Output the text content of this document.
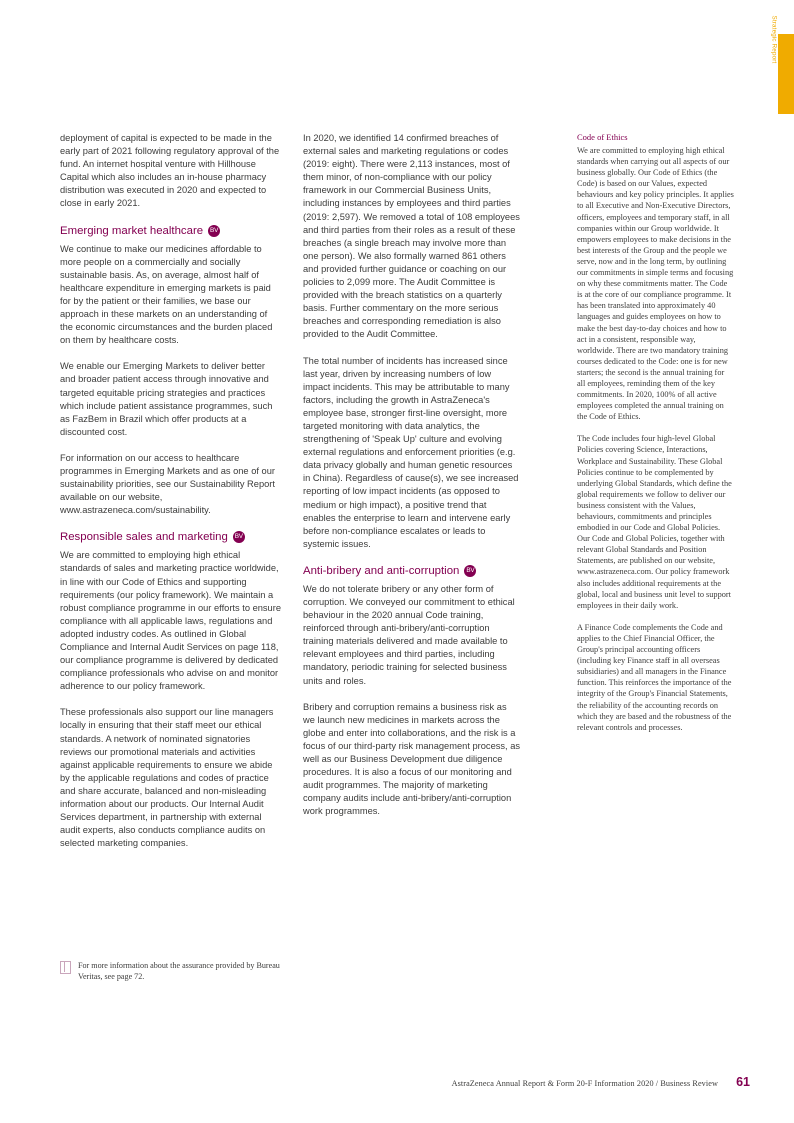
Strategic Report

deployment of capital is expected to be made in the early part of 2021 following regulatory approval of the fund. An internet hospital venture with Hillhouse Capital which also includes an in-house pharmacy distribution was executed in 2020 and expected to close in early 2021.

Emerging market healthcare	BV

We continue to make our medicines affordable to more people on a commercially and socially sustainable basis. As, on average, almost half of healthcare expenditure in emerging markets is paid for by the patient or their families, we base our approach in these markets on an understanding of the economic circumstances and the burden placed on them by healthcare costs.

We enable our Emerging Markets to deliver better and broader patient access through innovative and targeted equitable pricing strategies and practices which include patient assistance programmes, such as FazBem in Brazil which offer products at a discounted cost.

For information on our access to healthcare programmes in Emerging Markets and as one of our sustainability priorities, see our Sustainability Report available on our website, www.astrazeneca.com/sustainability.

Responsible sales and marketing	BV

We are committed to employing high ethical standards of sales and marketing practice worldwide, in line with our Code of Ethics and supporting requirements (our policy framework). We maintain a robust compliance programme in our efforts to ensure compliance with all applicable laws, regulations and adopted industry codes. As outlined in Global Compliance and Internal Audit Services on page 118, our compliance programme is delivered by dedicated compliance professionals who advise on and monitor adherence to our policy framework.

These professionals also support our line managers locally in ensuring that their staff meet our ethical standards. A network of nominated signatories reviews our promotional materials and activities against applicable requirements to ensure we abide by the applicable regulations and codes of practice and share accurate, balanced and non-misleading information about our products. Our Internal Audit Services department, in partnership with external audit experts, also conducts compliance audits on selected marketing companies.

In 2020, we identified 14 confirmed breaches of external sales and marketing regulations or codes (2019: eight). There were 2,113 instances, most of them minor, of non-compliance with our policy framework in our Commercial Business Units, including instances by employees and third parties (2019: 2,597). We removed a total of 108 employees and third parties from their roles as a result of these breaches (a single breach may involve more than one person). We also formally warned 861 others and provided further guidance or coaching on our policies to 2,099 more. The Audit Committee is provided with the breach statistics on a quarterly basis. Further commentary on the more serious breaches and corresponding remediation is also provided to the Audit Committee.

The total number of incidents has increased since last year, driven by increasing numbers of low impact incidents. This may be attributable to many factors, including the growth in AstraZeneca's employee base, stronger first-line oversight, more targeted monitoring with data analytics, the strengthening of 'Speak Up' culture and evolving external regulations and enforcement priorities (e.g. data privacy globally and human genetic resources in China). Regardless of cause(s), we see increased reporting of low impact incidents (as opposed to medium or high impact), a positive trend that enables the enterprise to learn and intervene early before non-compliance escalates or leads to systemic issues.

Anti-bribery and anti-corruption	BV

We do not tolerate bribery or any other form of corruption. We conveyed our commitment to ethical behaviour in the 2020 annual Code training, reinforced through anti-bribery/anti-corruption training materials delivered and made available to relevant employees and third parties, including mandatory, periodic training for selected business units and roles.

Bribery and corruption remains a business risk as we launch new medicines in markets across the globe and enter into collaborations, and the risk is a focus of our third-party risk management process, as well as our Business Development due diligence procedures. It is also a focus of our monitoring and audit programmes. The majority of marketing company audits include anti-bribery/anti-corruption work programmes.

Code of Ethics

We are committed to employing high ethical standards when carrying out all aspects of our business globally. Our Code of Ethics (the Code) is based on our Values, expected behaviours and key policy principles. It applies to all Executive and Non-Executive Directors, officers, employees and temporary staff, in all companies within our Group worldwide. It empowers employees to make decisions in the best interests of the Group and the people we serve, now and in the long term, by outlining our commitments in simple terms and focusing on why these commitments matter. The Code is at the core of our compliance programme. It has been translated into approximately 40 languages and guides employees on how to make the best day-to-day choices and how to act in a consistent, responsible way, worldwide. There are two mandatory training courses dedicated to the Code: one is for new starters; the second is the annual training for all employees, reminding them of the key commitments. In 2020, 100% of all active employees completed the annual training on the Code of Ethics.

The Code includes four high-level Global Policies covering Science, Interactions, Workplace and Sustainability. These Global Policies continue to be complemented by underlying Global Standards, which define the global requirements we follow to deliver our business consistent with the Values, behaviours, commitments and principles embodied in our Code and Global Policies. Our Code and Global Policies, together with relevant Global Standards and Position Statements, are published on our website, www.astrazeneca.com. Our policy framework also includes additional requirements at the global, local and business unit level to support employees in their daily work.

A Finance Code complements the Code and applies to the Chief Financial Officer, the Group's principal accounting officers (including key Finance staff in all overseas subsidiaries) and all managers in the Finance function. This reinforces the importance of the integrity of the Group's Financial Statements, the reliability of the accounting records on which they are based and the robustness of the relevant controls and processes.

For more information about the assurance provided by Bureau Veritas, see page 72.
AstraZeneca Annual Report & Form 20-F Information 2020 / Business Review 61
